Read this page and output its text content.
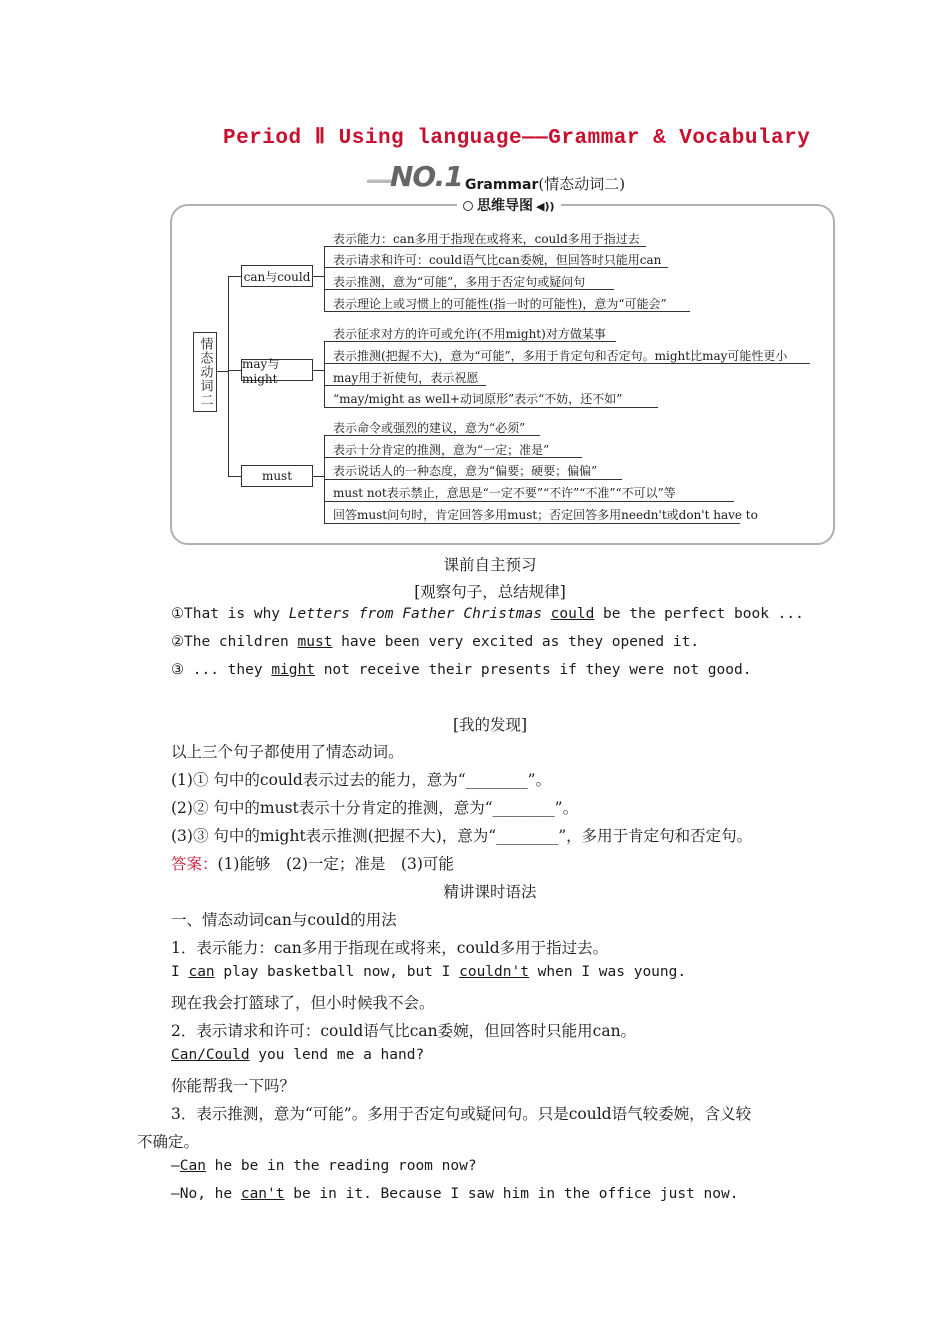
Period Ⅱ Using language——Grammar & Vocabulary
—
NO.1 Grammar(情态动词二)
思维导图 ◀))
情态动词二
can与could
may与might
must
表示能力：can多用于指现在或将来，could多用于指过去
表示请求和许可：could语气比can委婉，但回答时只能用can
表示推测，意为“可能”，多用于否定句或疑问句
表示理论上或习惯上的可能性(指一时的可能性)，意为“可能会”
表示征求对方的许可或允许(不用might)对方做某事
表示推测(把握不大)，意为“可能”，多用于肯定句和否定句。might比may可能性更小
may用于祈使句，表示祝愿
“may/might as well+动词原形”表示“不妨，还不如”
表示命令或强烈的建议，意为“必须”
表示十分肯定的推测，意为“一定；准是”
表示说话人的一种态度，意为“偏要；硬要；偏偏”
must not表示禁止，意思是“一定不要”“不许”“不准”“不可以”等
回答must问句时，肯定回答多用must；否定回答多用needn't或don't have to
课前自主预习
[观察句子，总结规律]
①That is why Letters from Father Christmas could be the perfect book ...
②The children must have been very excited as they opened it.
③ ... they might not receive their presents if they were not good.
[我的发现]
以上三个句子都使用了情态动词。
(1)① 句中的could表示过去的能力，意为“________”。
(2)② 句中的must表示十分肯定的推测，意为“________”。
(3)③ 句中的might表示推测(把握不大)，意为“________”，多用于肯定句和否定句。
答案：(1)能够　(2)一定；准是　(3)可能
精讲课时语法
一、情态动词can与could的用法
1．表示能力：can多用于指现在或将来，could多用于指过去。
I can play basketball now, but I couldn't when I was young.
现在我会打篮球了，但小时候我不会。
2．表示请求和许可：could语气比can委婉，但回答时只能用can。
Can/Could you lend me a hand?
你能帮我一下吗？
3．表示推测，意为“可能”。多用于否定句或疑问句。只是could语气较委婉，含义较
不确定。
—Can he be in the reading room now?
—No, he can't be in it. Because I saw him in the office just now.
